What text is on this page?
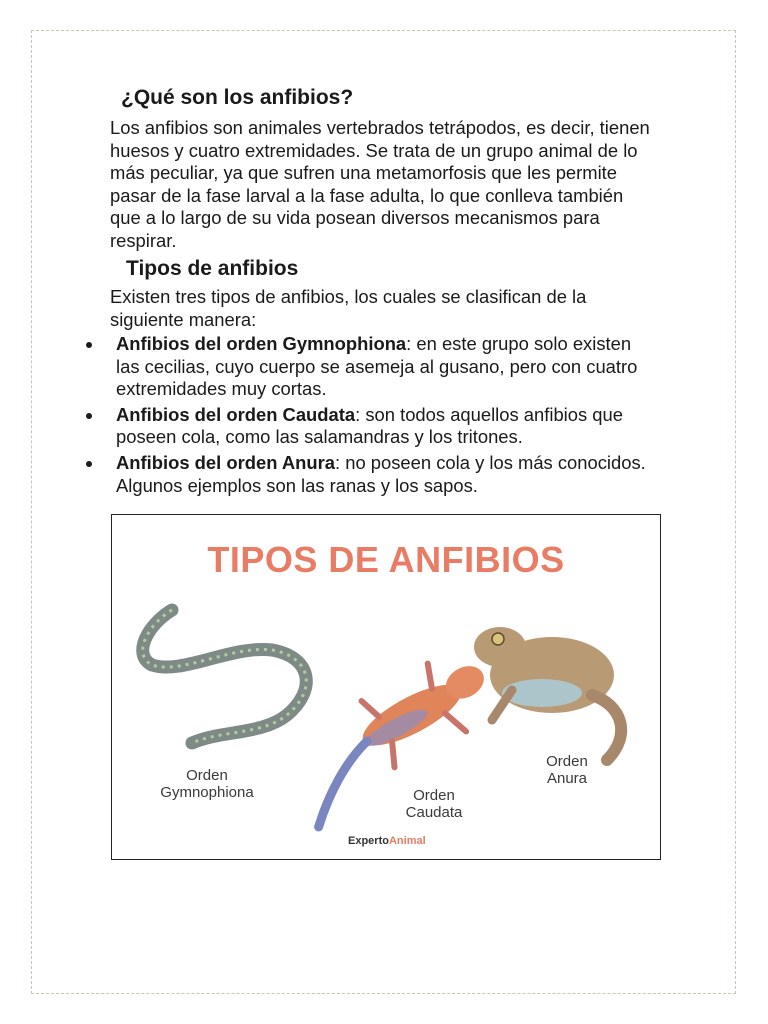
¿Qué son los anfibios?

Los anfibios son animales vertebrados tetrápodos, es decir, tienen huesos y cuatro extremidades. Se trata de un grupo animal de lo más peculiar, ya que sufren una metamorfosis que les permite pasar de la fase larval a la fase adulta, lo que conlleva también que a lo largo de su vida posean diversos mecanismos para respirar.

Tipos de anfibios

Existen tres tipos de anfibios, los cuales se clasifican de la siguiente manera:

Anfibios del orden Gymnophiona: en este grupo solo existen las cecilias, cuyo cuerpo se asemeja al gusano, pero con cuatro extremidades muy cortas.
Anfibios del orden Caudata: son todos aquellos anfibios que poseen cola, como las salamandras y los tritones.
Anfibios del orden Anura: no poseen cola y los más conocidos. Algunos ejemplos son las ranas y los sapos.
TIPOS DE ANFIBIOS
Orden
Gymnophiona	Orden
Caudata
Orden
Anura
ExpertoAnimal
